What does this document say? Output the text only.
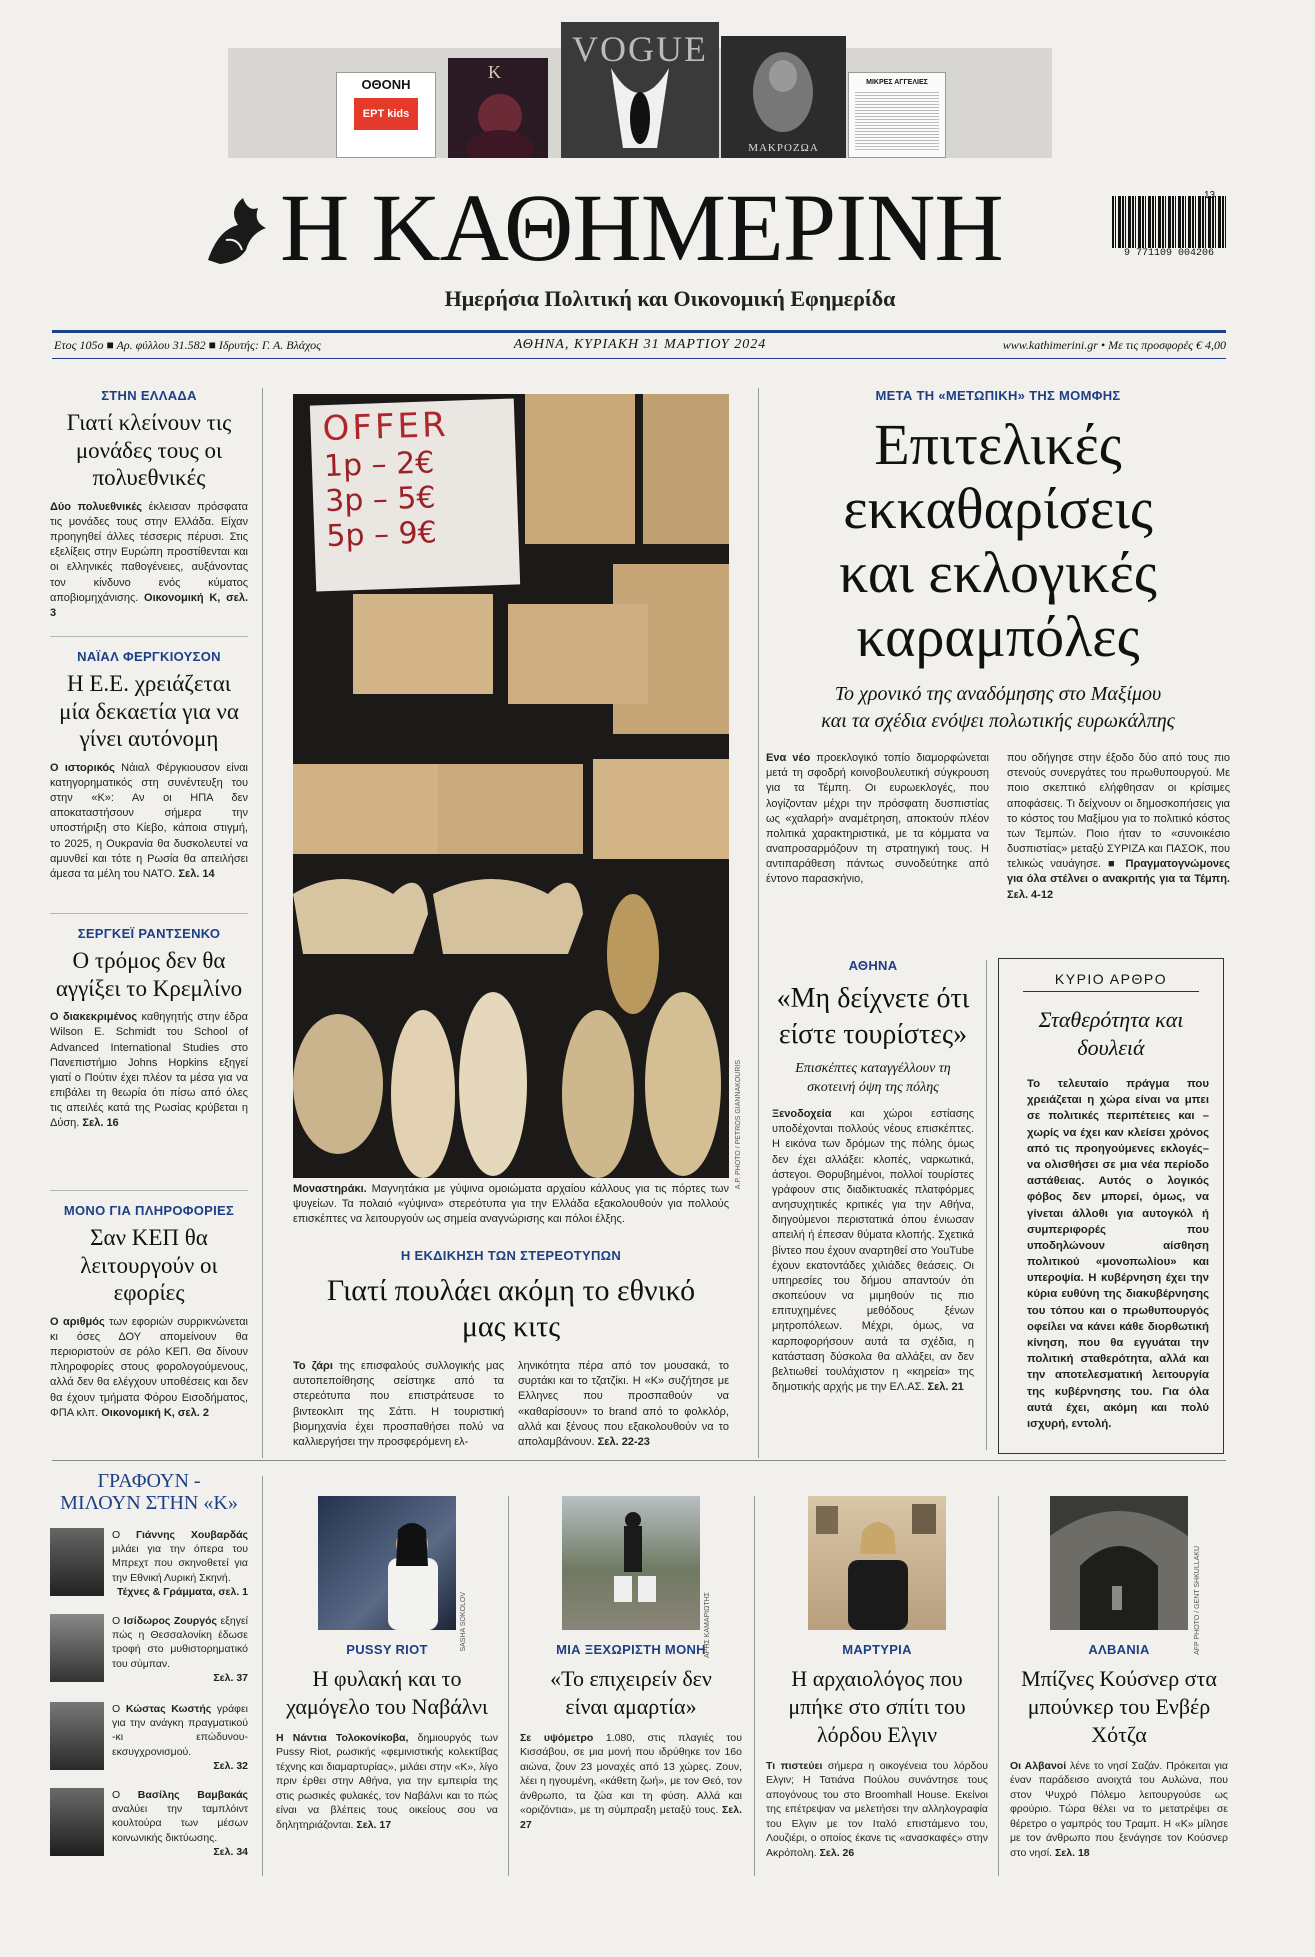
ΟΘΟΝΗ
ΕΡΤ kids
K
VOGUE
ΜΑΚΡΟΖΩΑ
ΜΙΚΡΕΣ ΑΓΓΕΛΙΕΣ
Η ΚΑΘΗΜΕΡΙΝΗ
Ημερήσια Πολιτική και Οικονομική Εφημερίδα
9 771109 004206
13
Ετος 105ο ■ Αρ. φύλλου 31.582 ■ Ιδρυτής: Γ. Α. Βλάχος	ΑΘΗΝΑ, ΚΥΡΙΑΚΗ 31 ΜΑΡΤΙΟΥ 2024	www.kathimerini.gr • Με τις προσφορές € 4,00
ΣΤΗΝ ΕΛΛΑΔΑ
Γιατί κλείνουν τις μονάδες τους οι πολυεθνικές
Δύο πολυεθνικές έκλεισαν πρόσφατα τις μονάδες τους στην Ελλάδα. Είχαν προηγηθεί άλλες τέσσερις πέρυσι. Στις εξελίξεις στην Ευρώπη προστίθενται και οι ελληνικές παθογένειες, αυξάνοντας τον κίνδυνο ενός κύματος αποβιομηχάνισης. Οικονομική Κ, σελ. 3
ΝΑΪΑΛ ΦΕΡΓΚΙΟΥΣΟΝ
Η Ε.Ε. χρειάζεται μία δεκαετία για να γίνει αυτόνομη
Ο ιστορικός Νάιαλ Φέργκιουσον είναι κατηγορηματικός στη συνέντευξη του στην «Κ»: Αν οι ΗΠΑ δεν αποκαταστήσουν σήμερα την υποστήριξη στο Κίεβο, κάποια στιγμή, το 2025, η Ουκρανία θα δυσκολευτεί να αμυνθεί και τότε η Ρωσία θα απειλήσει άμεσα τα μέλη του ΝΑΤΟ. Σελ. 14
ΣΕΡΓΚΕΪ ΡΑΝΤΣΕΝΚΟ
Ο τρόμος δεν θα αγγίξει το Κρεμλίνο
Ο διακεκριμένος καθηγητής στην έδρα Wilson E. Schmidt του School of Advanced International Studies στο Πανεπιστήμιο Johns Hopkins εξηγεί γιατί ο Πούτιν έχει πλέον τα μέσα για να επιβάλει τη θεωρία ότι πίσω από όλες τις απειλές κατά της Ρωσίας κρύβεται η Δύση. Σελ. 16
ΜΟΝΟ ΓΙΑ ΠΛΗΡΟΦΟΡΙΕΣ
Σαν ΚΕΠ θα λειτουργούν οι εφορίες
Ο αριθμός των εφοριών συρρικνώνεται κι όσες ΔΟΥ απομείνουν θα περιοριστούν σε ρόλο ΚΕΠ. Θα δίνουν πληροφορίες στους φορολογούμενους, αλλά δεν θα ελέγχουν υποθέσεις και δεν θα έχουν τμήματα Φόρου Εισοδήματος, ΦΠΑ κλπ. Οικονομική Κ, σελ. 2
OFFER
1p – 2€
3p – 5€
5p – 9€
A.P. PHOTO / PETROS GIANNAKOURIS
Μοναστηράκι. Μαγνητάκια με γύψινα ομοιώματα αρχαίου κάλλους για τις πόρτες των ψυγείων. Τα πολαιό «γύψινα» στερεότυπα για την Ελλάδα εξακολουθούν για πολλούς επισκέπτες να λειτουργούν ως σημεία αναγνώρισης και πόλοι έλξης.
Η ΕΚΔΙΚΗΣΗ ΤΩΝ ΣΤΕΡΕΟΤΥΠΩΝ
Γιατί πουλάει ακόμη το εθνικό μας κιτς
Το ζάρι της επισφαλούς συλλογικής μας αυτοπεποίθησης σείστηκε από τα στερεότυπα που επιστράτευσε το βιντεοκλιπ της Σάττι. Η τουριστική βιομηχανία έχει προσπαθήσει πολύ να καλλιεργήσει την προσφερόμενη ελ-
ληνικότητα πέρα από τον μουσακά, το συρτάκι και το τζατζίκι. Η «Κ» συζήτησε με Ελληνες που προσπαθούν να «καθαρίσουν» το brand από το φολκλόρ, αλλά και ξένους που εξακολουθούν να το απολαμβάνουν. Σελ. 22-23
ΜΕΤΑ ΤΗ «ΜΕΤΩΠΙΚΗ» ΤΗΣ ΜΟΜΦΗΣ
Επιτελικές
εκκαθαρίσεις
και εκλογικές
καραμπόλες
Το χρονικό της αναδόμησης στο Μαξίμου
και τα σχέδια ενόψει πολωτικής ευρωκάλπης
Ενα νέο προεκλογικό τοπίο διαμορφώνεται μετά τη σφοδρή κοινοβουλευτική σύγκρουση για τα Τέμπη. Οι ευρωεκλογές, που λογίζονταν μέχρι την πρόσφατη δυσπιστίας ως «χαλαρή» αναμέτρηση, αποκτούν πλέον πολιτικά χαρακτηριστικά, με τα κόμματα να αναπροσαρμόζουν τη στρατηγική τους. Η αντιπαράθεση πάντως συνοδεύτηκε από έντονο παρασκήνιο,
που οδήγησε στην έξοδο δύο από τους πιο στενούς συνεργάτες του πρωθυπουργού. Με ποιο σκεπτικό ελήφθησαν οι κρίσιμες αποφάσεις. Τι δείχνουν οι δημοσκοπήσεις για το κόστος του Μαξίμου για το πολιτικό κόστος των Τεμπών. Ποιο ήταν το «συνοικέσιο δυσπιστίας» μεταξύ ΣΥΡΙΖΑ και ΠΑΣΟΚ, που τελικώς ναυάγησε. ■ Πραγματογνώμονες για όλα στέλνει ο ανακριτής για τα Τέμπη. Σελ. 4-12
ΑΘΗΝΑ
«Μη δείχνετε ότι είστε τουρίστες»
Επισκέπτες καταγγέλλουν τη σκοτεινή όψη της πόλης
Ξενοδοχεία και χώροι εστίασης υποδέχονται πολλούς νέους επισκέπτες. Η εικόνα των δρόμων της πόλης όμως δεν έχει αλλάξει: κλοπές, ναρκωτικά, άστεγοι. Θορυβημένοι, πολλοί τουρίστες γράφουν στις διαδικτυακές πλατφόρμες ανησυχητικές κριτικές για την Αθήνα, διηγούμενοι περιστατικά όπου ένιωσαν απειλή ή έπεσαν θύματα κλοπής. Σχετικά βίντεο που έχουν αναρτηθεί στο YouTube έχουν εκατοντάδες χιλιάδες θεάσεις. Οι υπηρεσίες του δήμου απαντούν ότι σκοπεύουν να μιμηθούν τις πιο επιτυχημένες μεθόδους ξένων μητροπόλεων. Μέχρι, όμως, να καρποφορήσουν αυτά τα σχέδια, η κατάσταση δύσκολα θα αλλάξει, αν δεν βελτιωθεί τουλάχιστον η «κηρεία» της δημοτικής αρχής με την ΕΛ.ΑΣ. Σελ. 21
ΚΥΡΙΟ ΑΡΘΡΟ
Σταθερότητα και δουλειά
Το τελευταίο πράγμα που χρειάζεται η χώρα είναι να μπει σε πολιτικές περιπέτειες και –χωρίς να έχει καν κλείσει χρόνος από τις προηγούμενες εκλογές– να ολισθήσει σε μια νέα περίοδο αστάθειας. Αυτός ο λογικός φόβος δεν μπορεί, όμως, να γίνεται άλλοθι για αυτογκόλ ή συμπεριφορές που υποδηλώνουν αίσθηση πολιτικού «μονοπωλίου» και υπεροψία. Η κυβέρνηση έχει την κύρια ευθύνη της διακυβέρνησης του τόπου και ο πρωθυπουργός οφείλει να κάνει κάθε διορθωτική κίνηση, που θα εγγυάται την πολιτική σταθερότητα, αλλά και την αποτελεσματική λειτουργία της κυβέρνησης του. Για όλα αυτά έχει, ακόμη και πολύ ισχυρή, εντολή.
ΓΡΑΦΟΥΝ - ΜΙΛΟΥΝ ΣΤΗΝ «Κ»
Ο Γιάννης Χουβαρδάς μιλάει για την όπερα του Μπρεχτ που σκηνοθετεί για την Εθνική Λυρική Σκηνή.
Τέχνες & Γράμματα, σελ. 1
Ο Ισίδωρος Ζουργός εξηγεί πώς η Θεσσαλονίκη έδωσε τροφή στο μυθιστορηματικό του σύμπαν.
Σελ. 37
Ο Κώστας Κωστής γράφει για την ανάγκη πραγματικού -κι επώδυνου- εκσυγχρονισμού.
Σελ. 32
Ο Βασίλης Βαμβακάς αναλύει την ταμπλόιντ κουλτούρα των μέσων κοινωνικής δικτύωσης.
Σελ. 34
SASHA SOKOLOV
PUSSY RIOT
Η φυλακή και το χαμόγελο του Ναβάλνι
Η Νάντια Τολοκονίκοβα, δημιουργός των Pussy Riot, ρωσικής «φεμινιστικής κολεκτίβας τέχνης και διαμαρτυρίας», μιλάει στην «Κ», λίγο πριν έρθει στην Αθήνα, για την εμπειρία της στις ρωσικές φυλακές, τον Ναβάλνι και το πώς είναι να βλέπεις τους οικείους σου να δηλητηριάζονται. Σελ. 17
ΑΡΗΣ ΚΑΜΑΡΙΩΤΗΣ
ΜΙΑ ΞΕΧΩΡΙΣΤΗ ΜΟΝΗ
«Το επιχειρείν δεν είναι αμαρτία»
Σε υψόμετρο 1.080, στις πλαγιές του Κισσάβου, σε μια μονή που ιδρύθηκε τον 16ο αιώνα, ζουν 23 μοναχές από 13 χώρες. Ζουν, λέει η ηγουμένη, «κάθετη ζωή», με τον Θεό, τον άνθρωπο, τα ζώα και τη φύση. Αλλά και «οριζόντια», με τη σύμπραξη μεταξύ τους. Σελ. 27
ΜΑΡΤΥΡΙΑ
Η αρχαιολόγος που μπήκε στο σπίτι του λόρδου Ελγιν
Τι πιστεύει σήμερα η οικογένεια του λόρδου Ελγιν; Η Τατιάνα Πούλου συνάντησε τους απογόνους του στο Broomhall House. Εκείνοι της επέτρεψαν να μελετήσει την αλληλογραφία του Ελγιν με τον Ιταλό επιστάμενο του, Λουζιέρι, ο οποίος έκανε τις «ανασκαφές» στην Ακρόπολη. Σελ. 26
AFP PHOTO / GENT SHKULLAKU
ΑΛΒΑΝΙΑ
Μπίζνες Κούσνερ στα μπούνκερ του Ενβέρ Χότζα
Οι Αλβανοί λένε το νησί Σαζάν. Πρόκειται για έναν παράδεισο ανοιχτά του Αυλώνα, που στον Ψυχρό Πόλεμο λειτουργούσε ως φρούριο. Τώρα θέλει να το μετατρέψει σε θέρετρο ο γαμπρός του Τραμπ. Η «Κ» μίλησε με τον άνθρωπο που ξενάγησε τον Κούσνερ στο νησί. Σελ. 18
